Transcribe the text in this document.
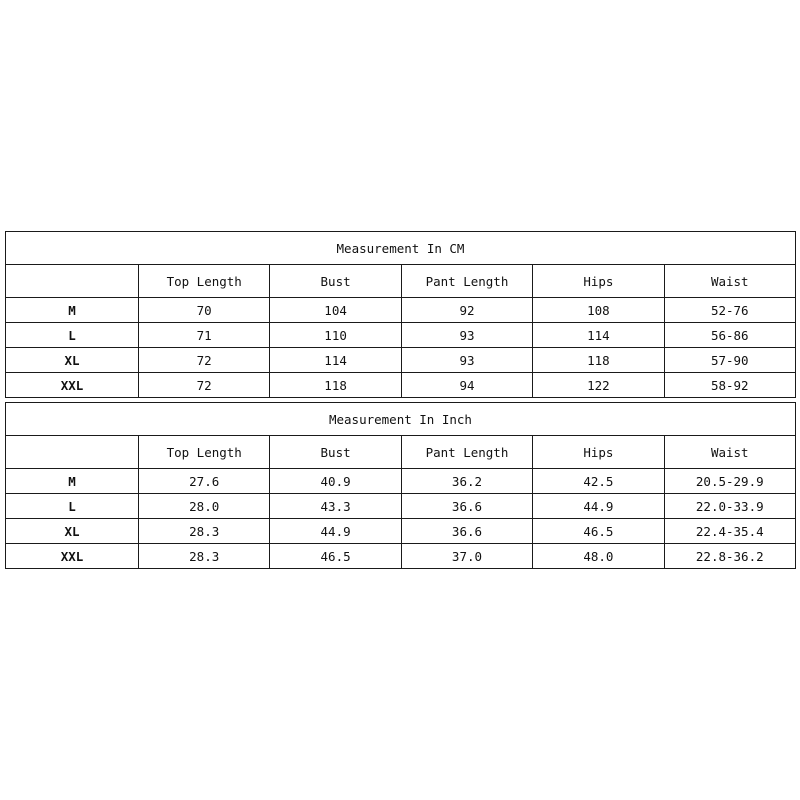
Measurement In CM					
	Top Length	Bust	Pant Length	Hips	Waist
M	70	104	92	108	52-76
L	71	110	93	114	56-86
XL	72	114	93	118	57-90
XXL	72	118	94	122	58-92
Measurement In Inch					
	Top Length	Bust	Pant Length	Hips	Waist
M	27.6	40.9	36.2	42.5	20.5-29.9
L	28.0	43.3	36.6	44.9	22.0-33.9
XL	28.3	44.9	36.6	46.5	22.4-35.4
XXL	28.3	46.5	37.0	48.0	22.8-36.2
